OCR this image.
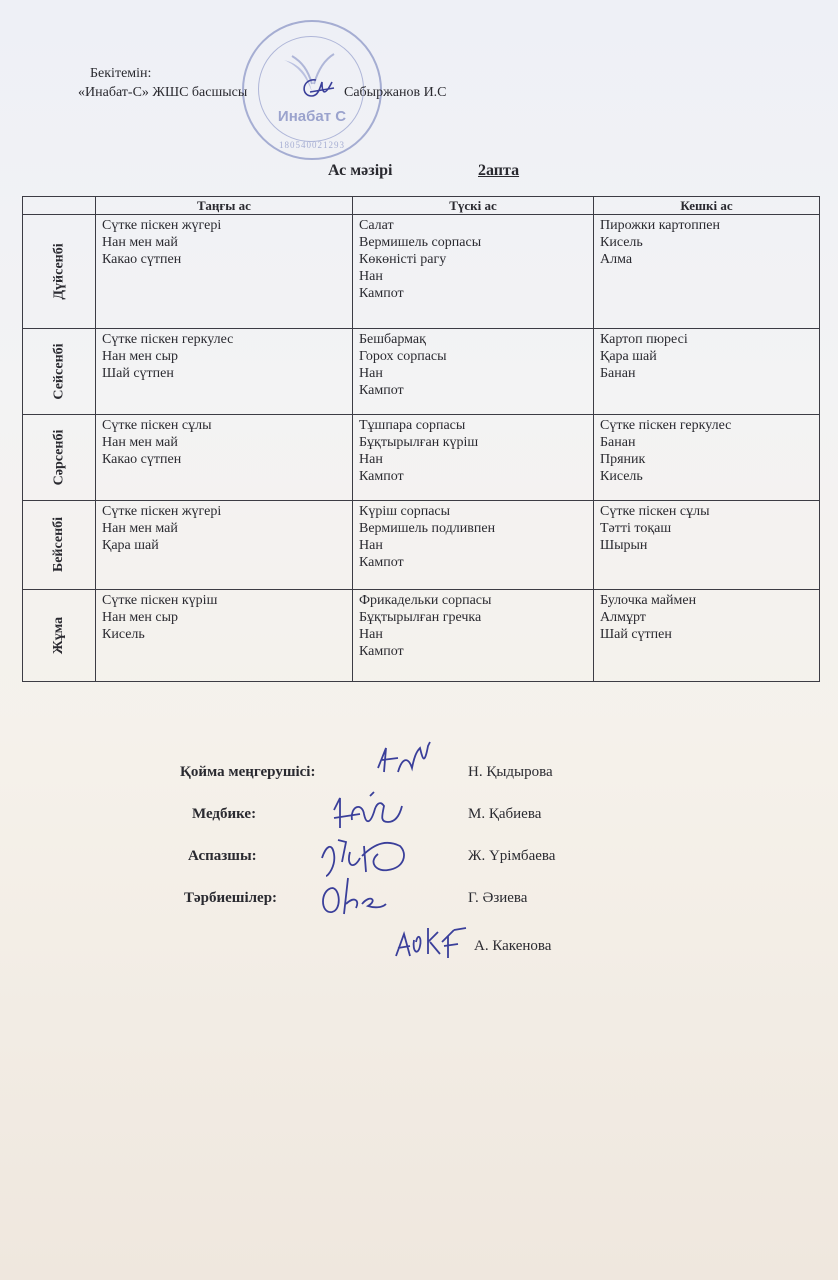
Инабат С
180540021293
Бекітемін:
«Инабат-С» ЖШС басшысы	Сабыржанов И.С
Ас мәзірі	2апта
	Таңғы ас	Түскі ас	Кешкі ас
Дүйсенбі	Сүтке піскен жүгері
Нан мен май
Какао сүтпен	Салат
Вермишель сорпасы
Көкөністі рагу
Нан
Кампот	Пирожки картоппен
Кисель
Алма

Сейсенбі	Сүтке піскен геркулес
Нан мен сыр
Шай сүтпен	Бешбармақ
Горох сорпасы
Нан
Кампот	Картоп пюресі
Қара шай
Банан

Сәрсенбі	Сүтке піскен сұлы
Нан мен май
Какао сүтпен	Тұшпара сорпасы
Бұқтырылған күріш
Нан
Кампот	Сүтке піскен геркулес
Банан
Пряник
Кисель

Бейсенбі	Сүтке піскен жүгері
Нан мен май
Қара шай	Күріш сорпасы
Вермишель подливпен
Нан
Кампот	Сүтке піскен сұлы
Тәтті тоқаш
Шырын

Жұма	Сүтке піскен күріш
Нан мен сыр
Кисель	Фрикадельки сорпасы
Бұқтырылған гречка
Нан
Кампот	Булочка маймен
Алмұрт
Шай сүтпен
Қойма меңгерушісі:	Н. Қыдырова
Медбике:	М. Қабиева
Аспазшы:	Ж. Үрімбаева
Тәрбиешілер:	Г. Әзиева
А. Какенова
